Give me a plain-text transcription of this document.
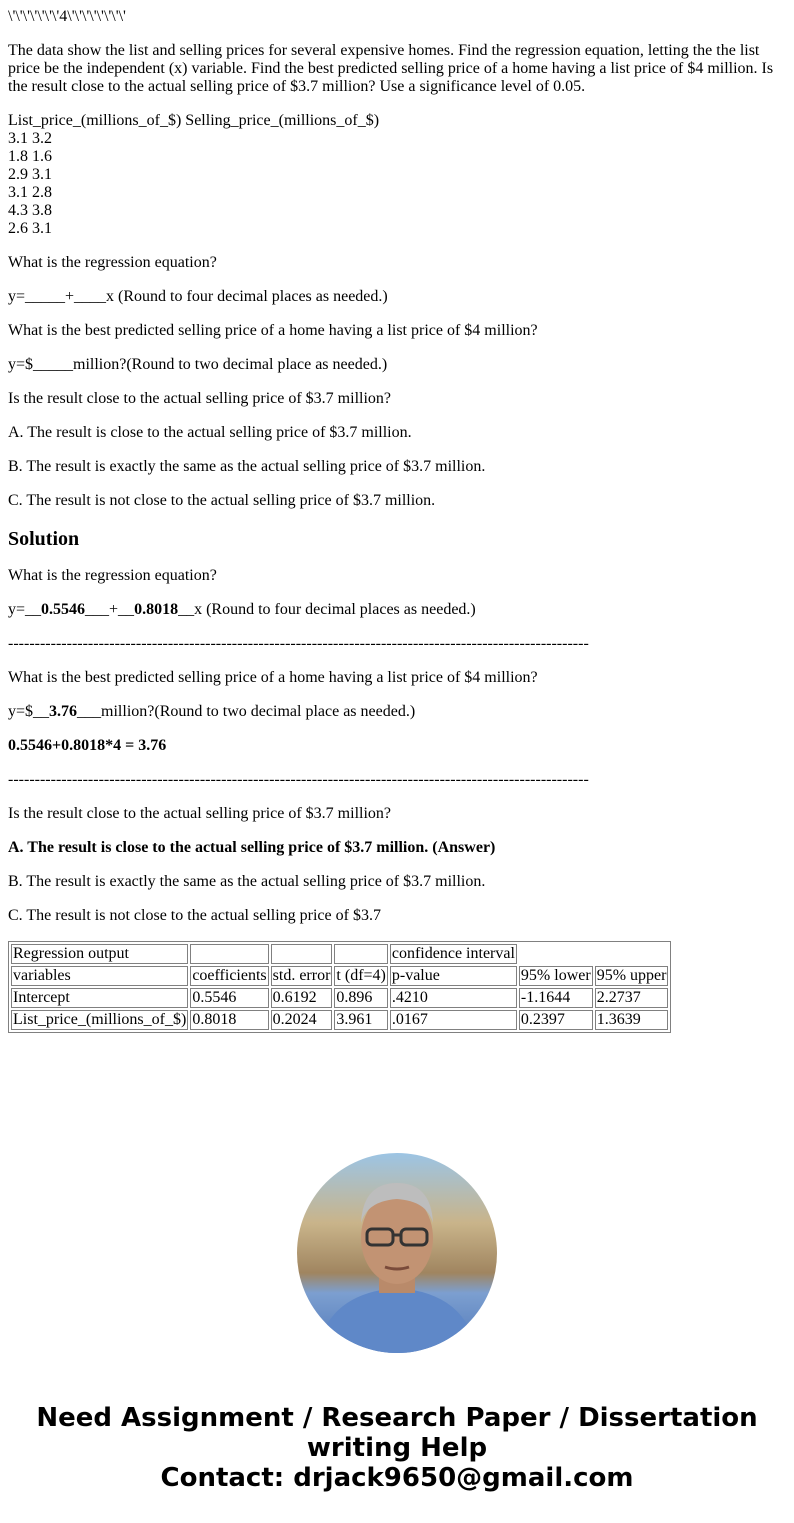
\'\'\'\'\'\'\'4\'\'\'\'\'\'\'\'

The data show the list and selling prices for several expensive homes. Find the regression equation, letting the the list price be the independent (x) variable. Find the best predicted selling price of a home having a list price of $4 million. Is the result close to the actual selling price of $3.7 million? Use a significance level of 0.05.

List_price_(millions_of_$) Selling_price_(millions_of_$)

3.1 3.2

1.8 1.6

2.9 3.1

3.1 2.8

4.3 3.8

2.6 3.1

What is the regression equation?

y=_____+____x (Round to four decimal places as needed.)

What is the best predicted selling price of a home having a list price of $4 million?

y=$_____million?(Round to two decimal place as needed.)

Is the result close to the actual selling price of $3.7 million?

A. The result is close to the actual selling price of $3.7 million.

B. The result is exactly the same as the actual selling price of $3.7 million.

C. The result is not close to the actual selling price of $3.7 million.

Solution

What is the regression equation?

y=__0.5546___+__0.8018__x (Round to four decimal places as needed.)

-------------------------------------------------------------------------------------------------------------

What is the best predicted selling price of a home having a list price of $4 million?

y=$__3.76___million?(Round to two decimal place as needed.)

0.5546+0.8018*4 = 3.76

-------------------------------------------------------------------------------------------------------------

Is the result close to the actual selling price of $3.7 million?

A. The result is close to the actual selling price of $3.7 million. (Answer)

B. The result is exactly the same as the actual selling price of $3.7 million.

C. The result is not close to the actual selling price of $3.7

Regression output				confidence interval		
variables	coefficients	std. error	t (df=4)	p-value	95% lower	95% upper
Intercept	0.5546	0.6192	0.896	.4210	-1.1644	2.2737
List_price_(millions_of_$)	0.8018	0.2024	3.961	.0167	0.2397	1.3639
Need Assignment / Research Paper / Dissertation writing Help
Contact: drjack9650@gmail.com
